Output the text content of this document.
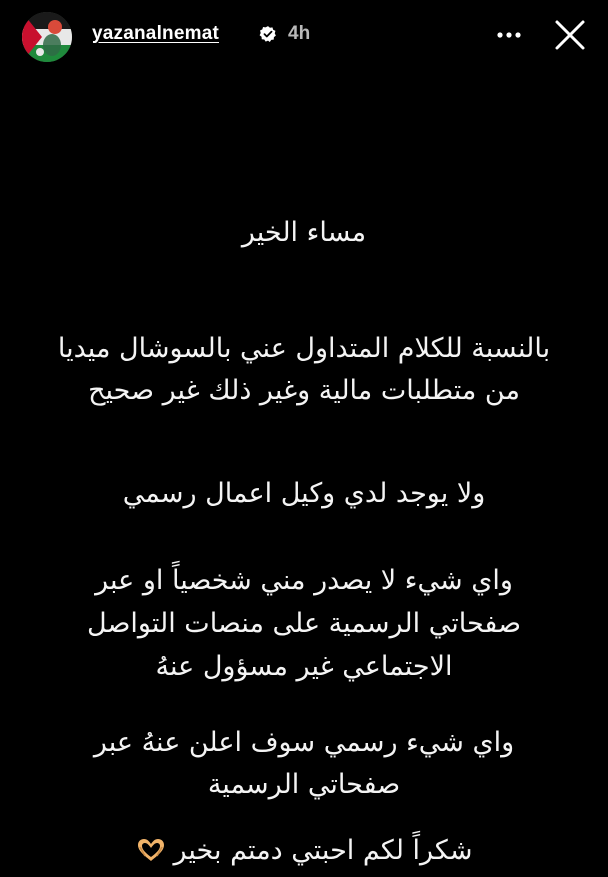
yazanalnemat	4h
مساء الخير
بالنسبة للكلام المتداول عني بالسوشال ميديا
من متطلبات مالية وغير ذلك غير صحيح
ولا يوجد لدي وكيل اعمال رسمي
واي شيء لا يصدر مني شخصياً او عبر
صفحاتي الرسمية على منصات التواصل
الاجتماعي غير مسؤول عنهُ
واي شيء رسمي سوف اعلن عنهُ عبر
صفحاتي الرسمية
شكراً لكم احبتي دمتم بخير
